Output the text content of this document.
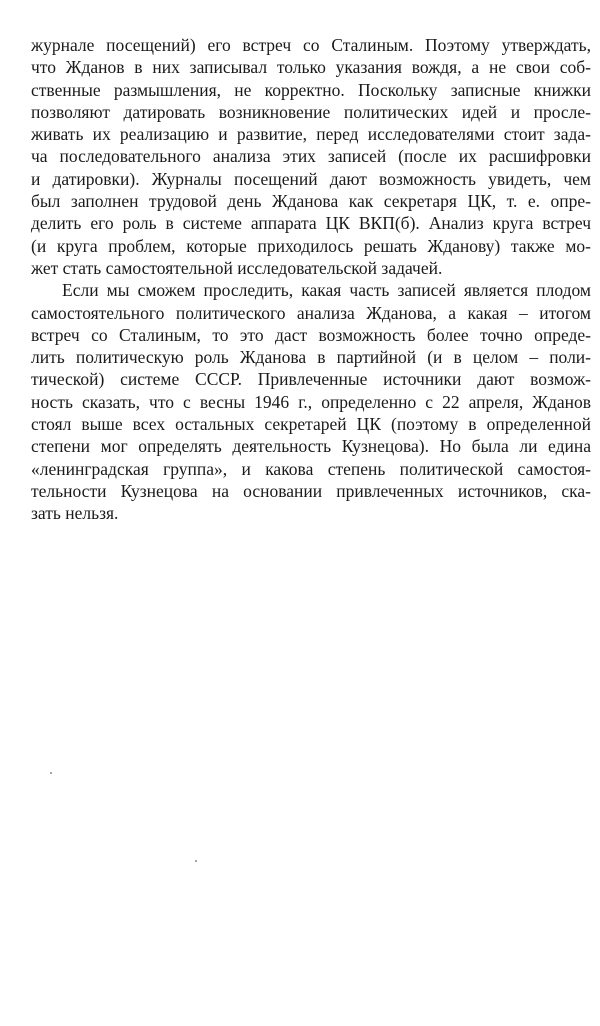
журнале посещений) его встреч со Сталиным. Поэтому утверждать,
что Жданов в них записывал только указания вождя, а не свои соб-
ственные размышления, не корректно. Поскольку записные книжки
позволяют датировать возникновение политических идей и просле-
живать их реализацию и развитие, перед исследователями стоит зада-
ча последовательного анализа этих записей (после их расшифровки
и датировки). Журналы посещений дают возможность увидеть, чем
был заполнен трудовой день Жданова как секретаря ЦК, т. е. опре-
делить его роль в системе аппарата ЦК ВКП(б). Анализ круга встреч
(и круга проблем, которые приходилось решать Жданову) также мо-
жет стать самостоятельной исследовательской задачей.
Если мы сможем проследить, какая часть записей является плодом
самостоятельного политического анализа Жданова, а какая – итогом
встреч со Сталиным, то это даст возможность более точно опреде-
лить политическую роль Жданова в партийной (и в целом – поли-
тической) системе СССР. Привлеченные источники дают возмож-
ность сказать, что с весны 1946 г., определенно с 22 апреля, Жданов
стоял выше всех остальных секретарей ЦК (поэтому в определенной
степени мог определять деятельность Кузнецова). Но была ли едина
«ленинградская группа», и какова степень политической самостоя-
тельности Кузнецова на основании привлеченных источников, ска-
зать нельзя.
